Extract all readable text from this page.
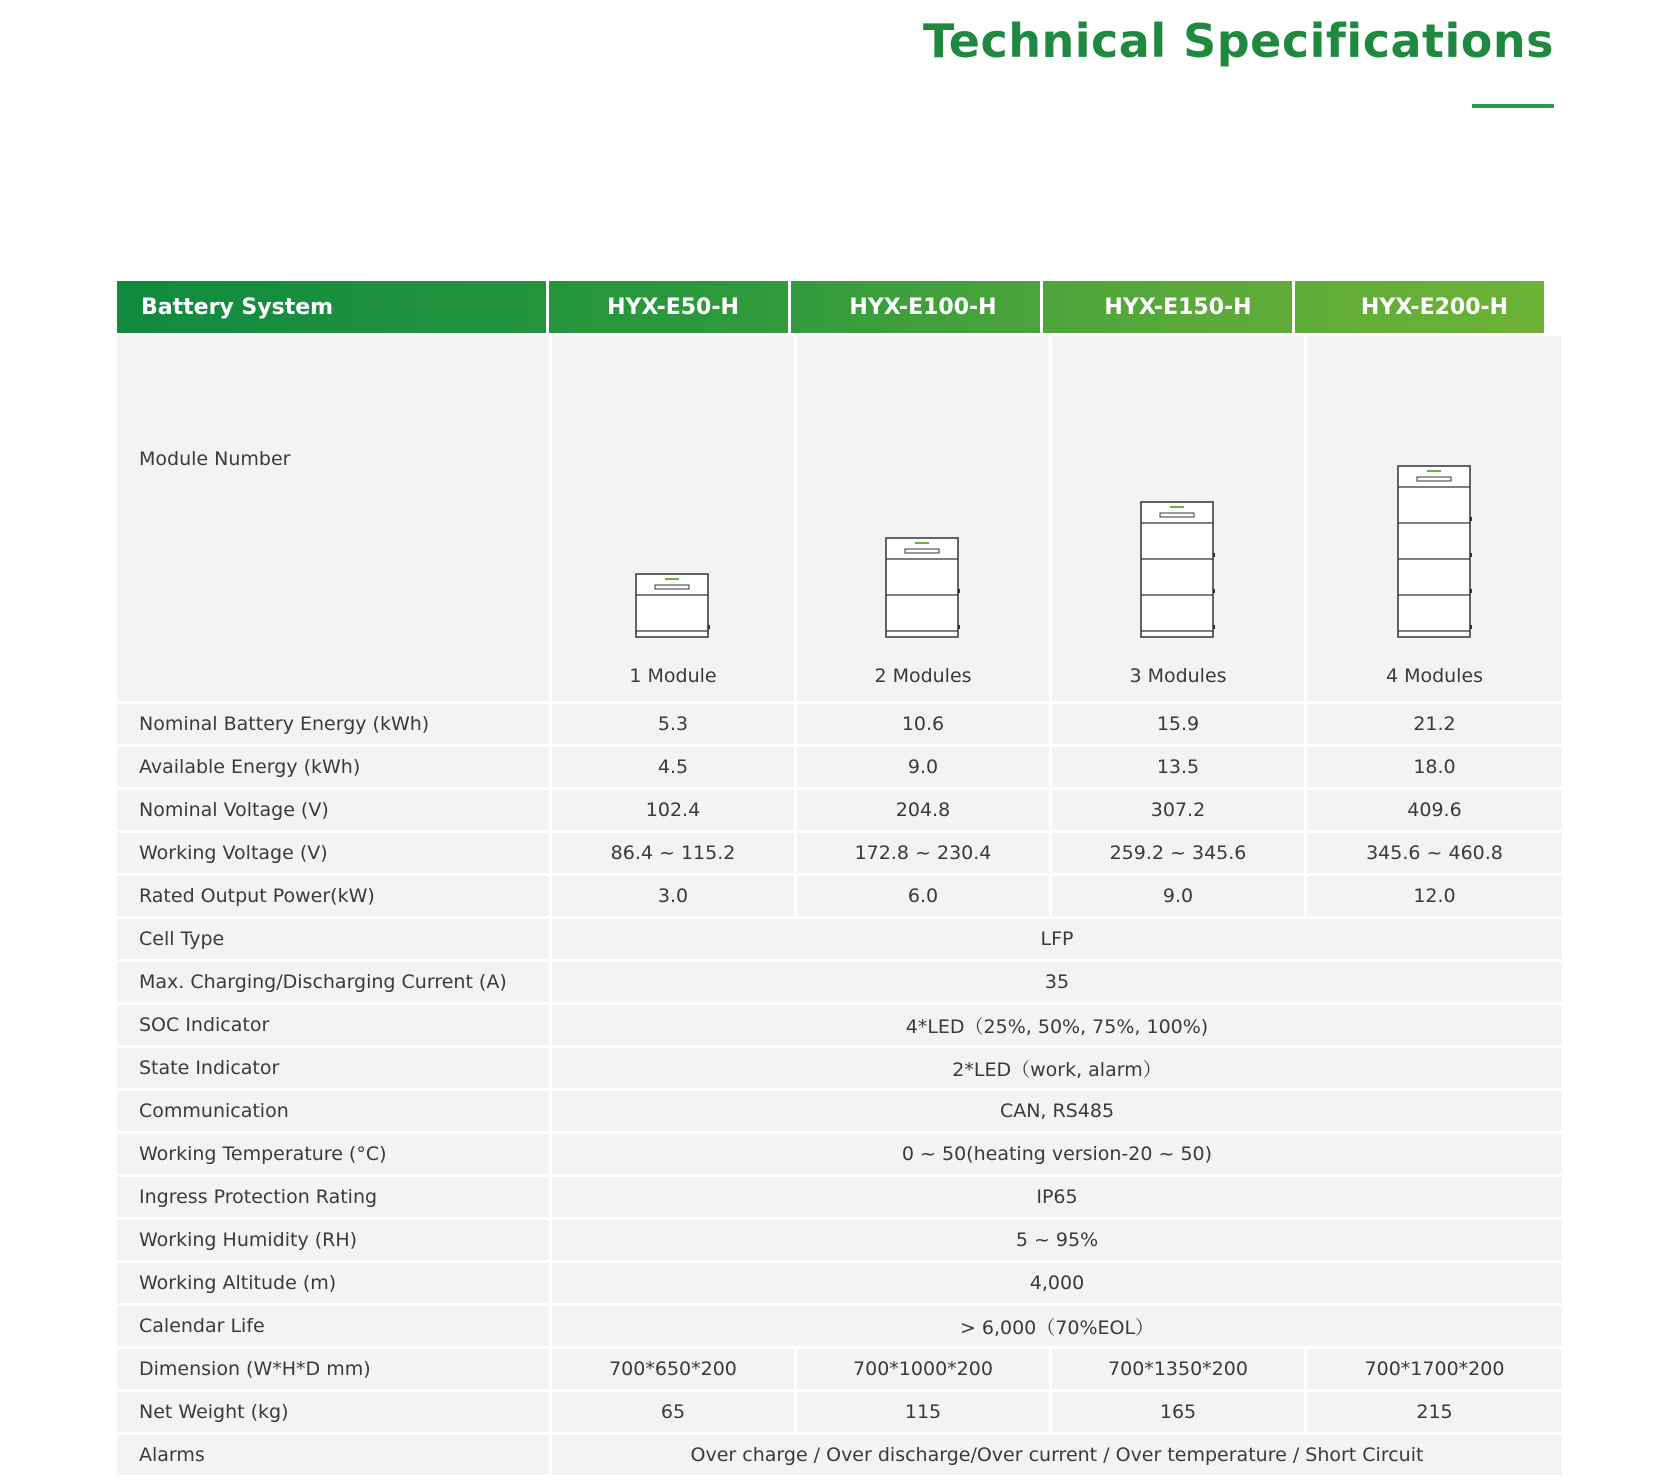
Technical Specifications
Battery System	HYX-E50-H	HYX-E100-H	HYX-E150-H	HYX-E200-H
Module Number	1 Module	2 Modules	3 Modules	4 Modules

Nominal Battery Energy (kWh)	5.3	10.6	15.9	21.2
Available Energy (kWh)	4.5	9.0	13.5	18.0
Nominal Voltage (V)	102.4	204.8	307.2	409.6
Working Voltage (V)	86.4 ~ 115.2	172.8 ~ 230.4	259.2 ~ 345.6	345.6 ~ 460.8
Rated Output Power(kW)	3.0	6.0	9.0	12.0
Cell Type	LFP			
Max. Charging/Discharging Current (A)	35			
SOC Indicator	4*LED（25%, 50%, 75%, 100%)			
State Indicator	2*LED（work, alarm）			
Communication	CAN, RS485			
Working Temperature (°C)	0 ~ 50(heating version-20 ~ 50)			
Ingress Protection Rating	IP65			
Working Humidity (RH)	5 ~ 95%			
Working Altitude (m)	4,000			
Calendar Life	> 6,000（70%EOL）			
Dimension (W*H*D mm)	700*650*200	700*1000*200	700*1350*200	700*1700*200
Net Weight (kg)	65	115	165	215
Alarms	Over charge / Over discharge/Over current / Over temperature / Short Circuit			
